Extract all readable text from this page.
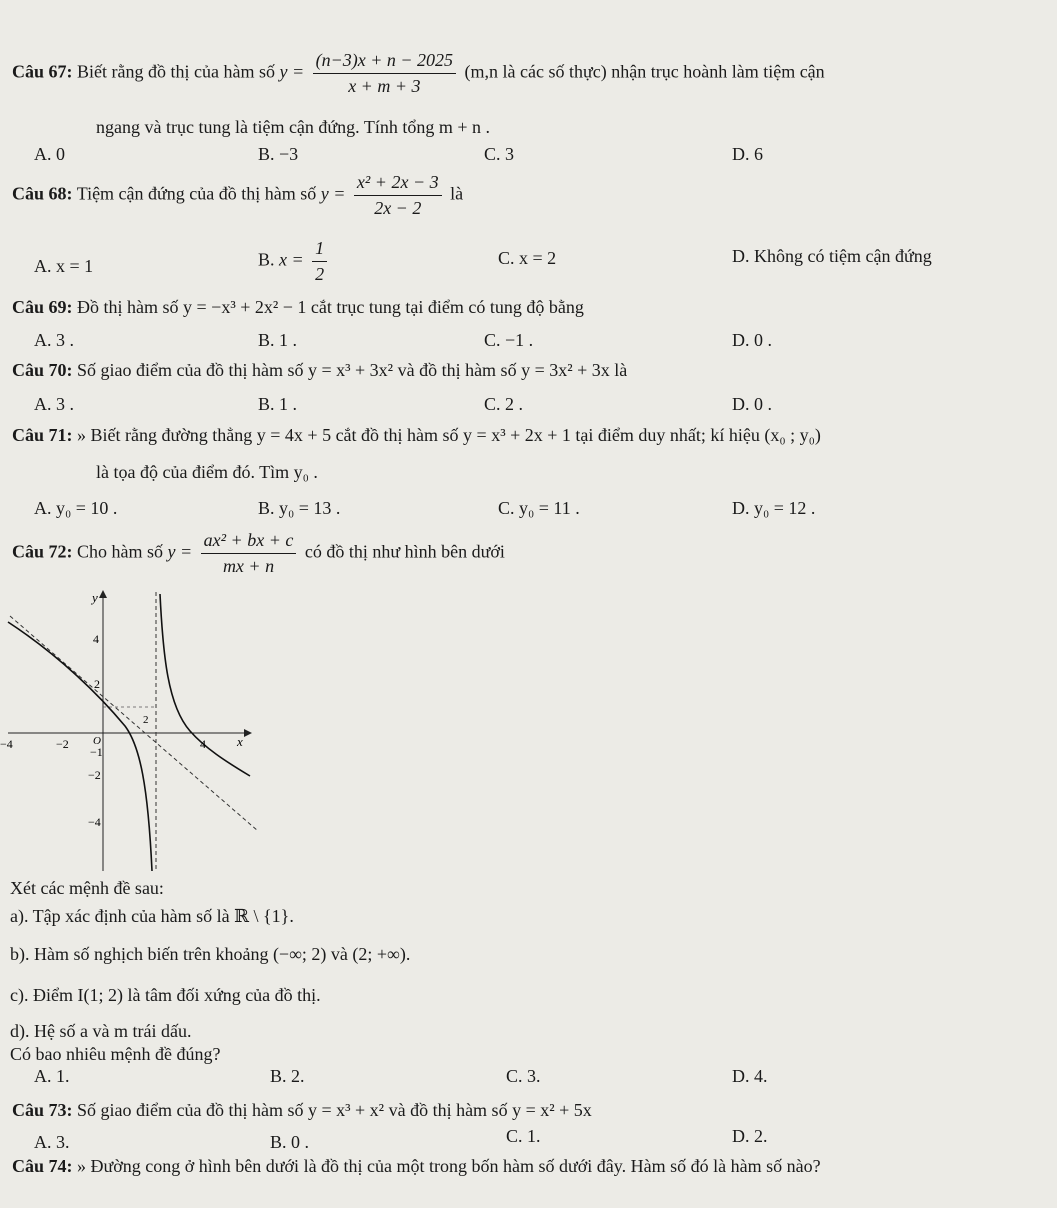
Câu 67: Biết rằng đồ thị của hàm số $y = \frac{(n-3)x + n - 2025}{x + m + 3} (m,n$ là các số thực) nhận trục hoành làm tiệm cận
ngang và trục tung là tiệm cận đứng. Tính tổng m + n .
A. 0	B. −3	C. 3	D. 6
Câu 68: Tiệm cận đứng của đồ thị hàm số $y = \frac{\text{x² + 2x − 3}}{2x - 2}$ là
A. x = 1	B. $x = \frac{1}{2}$	C. x = 2	D. Không có tiệm cận đứng
Câu 69: Đồ thị hàm số y = −x³ + 2x² − 1 cắt trục tung tại điểm có tung độ bằng
A. 3 .	B. 1 .	C. −1 .	D. 0 .
Câu 70: Số giao điểm của đồ thị hàm số y = x³ + 3x² và đồ thị hàm số y = 3x² + 3x là
A. 3 .	B. 1 .	C. 2 .	D. 0 .
Câu 71: » Biết rằng đường thẳng y = 4x + 5 cắt đồ thị hàm số y = x³ + 2x + 1 tại điểm duy nhất; kí hiệu (x₀ ; y₀)
là tọa độ của điểm đó. Tìm y₀ .
A. y₀ = 10 .	B. y₀ = 13 .	C. y₀ = 11 .	D. y₀ = 12 .
Câu 72: Cho hàm số $y = \frac{\text{ax² + bx + c}}{mx + n}$ có đồ thị như hình bên dưới
y
x
O
4
2
2
−4	−2
−1
4
−2
−4
Xét các mệnh đề sau:
a). Tập xác định của hàm số là ℝ \ {1}.
b). Hàm số nghịch biến trên khoảng (−∞; 2) và (2; +∞).
c). Điểm I(1; 2) là tâm đối xứng của đồ thị.
d). Hệ số a và m trái dấu.
Có bao nhiêu mệnh đề đúng?
A. 1.	B. 2.	C. 3.	D. 4.
Câu 73: Số giao điểm của đồ thị hàm số y = x³ + x² và đồ thị hàm số y = x² + 5x
A. 3.	B. 0 .	C. 1.	D. 2.
Câu 74: » Đường cong ở hình bên dưới là đồ thị của một trong bốn hàm số dưới đây. Hàm số đó là hàm số nào?
